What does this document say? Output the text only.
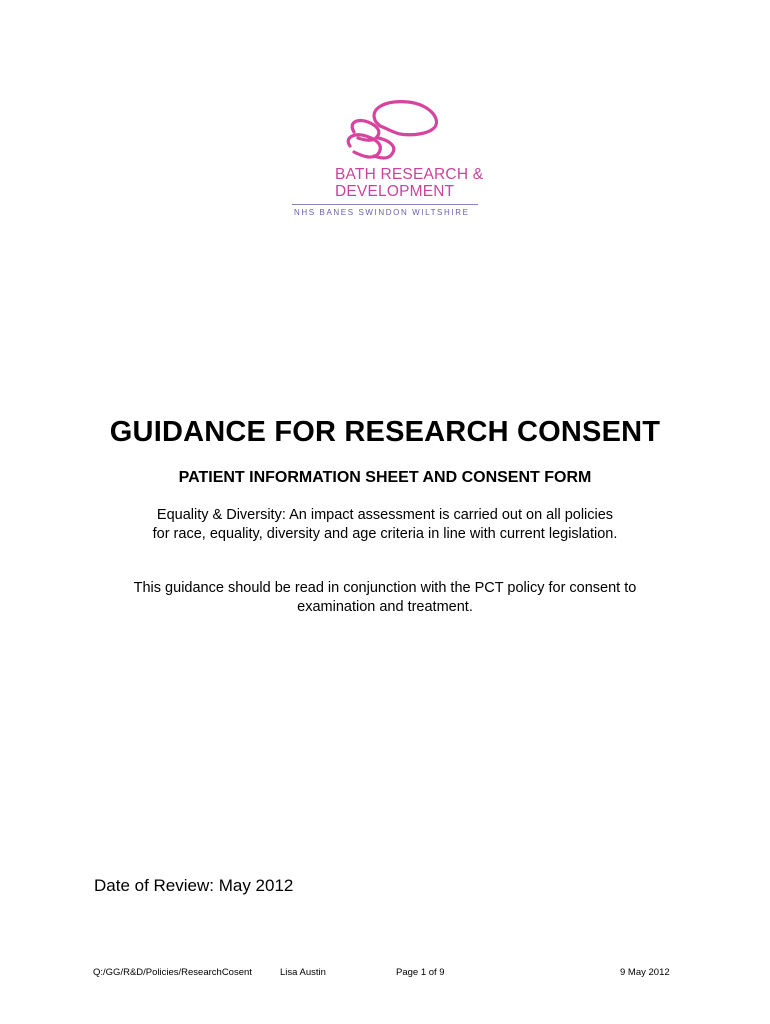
BATH RESEARCH &
DEVELOPMENT
NHS BANES SWINDON WILTSHIRE
GUIDANCE FOR RESEARCH CONSENT
PATIENT INFORMATION SHEET AND CONSENT FORM
Equality & Diversity: An impact assessment is carried out on all policies
for race, equality, diversity and age criteria in line with current legislation.
This guidance should be read in conjunction with the PCT policy for consent to
examination and treatment.
Date of Review: May 2012
Q:/GG/R&D/Policies/ResearchCosent	Lisa Austin	Page 1 of 9	9 May 2012
